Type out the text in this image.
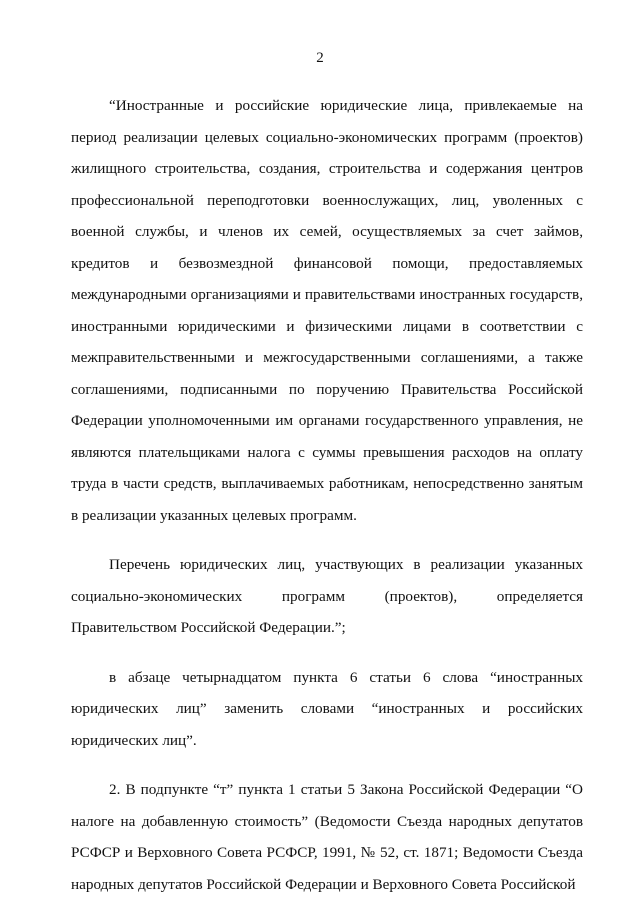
2

“Иностранные и российские юридические лица, привлекаемые на период реализации целевых социально-экономических программ (проектов) жилищного строительства, создания, строительства и содержания центров профессиональной переподготовки военнослужащих, лиц, уволенных с военной службы, и членов их семей, осуществляемых за счет займов, кредитов и безвозмездной финансовой помощи, предоставляемых международными организациями и правительствами иностранных государств, иностранными юридическими и физическими лицами в соответствии с межправительственными и межгосударственными соглашениями, а также соглашениями, подписанными по поручению Правительства Российской Федерации уполномоченными им органами государственного управления, не являются плательщиками налога с суммы превышения расходов на оплату труда в части средств, выплачиваемых работникам, непосредственно занятым в реализации указанных целевых программ.

Перечень юридических лиц, участвующих в реализации указанных социально-экономических программ (проектов), определяется Правительством Российской Федерации.”;

в абзаце четырнадцатом пункта 6 статьи 6 слова “иностранных юридических лиц” заменить словами “иностранных и российских юридических лиц”.

2. В подпункте “т” пункта 1 статьи 5 Закона Российской Федерации “О налоге на добавленную стоимость” (Ведомости Съезда народных депутатов РСФСР и Верховного Совета РСФСР, 1991, № 52, ст. 1871; Ведомости Съезда народных депутатов Российской Федерации и Верховного Совета Российской
